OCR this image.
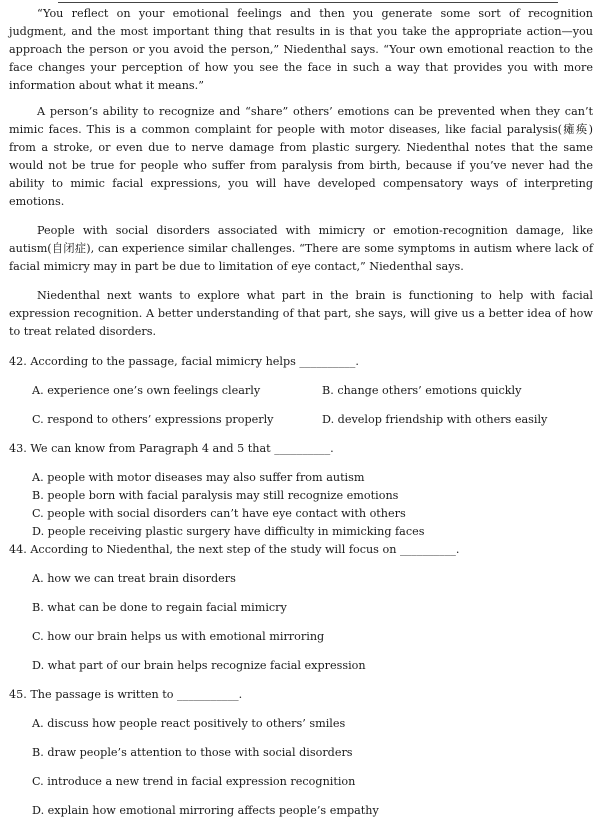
“You reflect on your emotional feelings and then you generate some sort of recognition judgment, and the most important thing that results in is that you take the appropriate action—you approach the person or you avoid the person,” Niedenthal says. “Your own emotional reaction to the face changes your perception of how you see the face in such a way that provides you with more information about what it means.”

A person’s ability to recognize and “share” others’ emotions can be prevented when they can’t mimic faces. This is a common complaint for people with motor diseases, like facial paralysis(瘫痪) from a stroke, or even due to nerve damage from plastic surgery. Niedenthal notes that the same would not be true for people who suffer from paralysis from birth, because if you’ve never had the ability to mimic facial expressions, you will have developed compensatory ways of interpreting emotions.

People with social disorders associated with mimicry or emotion-recognition damage, like autism(自闭症), can experience similar challenges. “There are some symptoms in autism where lack of facial mimicry may in part be due to limitation of eye contact,” Niedenthal says.

Niedenthal next wants to explore what part in the brain is functioning to help with facial expression recognition. A better understanding of that part, she says, will give us a better idea of how to treat related disorders.

42. According to the passage, facial mimicry helps __________.

A. experience one’s own feelings clearly	B. change others’ emotions quickly

C. respond to others’ expressions properly	D. develop friendship with others easily

43. We can know from Paragraph 4 and 5 that __________.

A. people with motor diseases may also suffer from autism

B. people born with facial paralysis may still recognize emotions

C. people with social disorders can’t have eye contact with others

D. people receiving plastic surgery have difficulty in mimicking faces

44. According to Niedenthal, the next step of the study will focus on __________.

A. how we can treat brain disorders

B. what can be done to regain facial mimicry

C. how our brain helps us with emotional mirroring

D. what part of our brain helps recognize facial expression

45. The passage is written to ___________.

A. discuss how people react positively to others’ smiles

B. draw people’s attention to those with social disorders

C. introduce a new trend in facial expression recognition

D. explain how emotional mirroring affects people’s empathy
